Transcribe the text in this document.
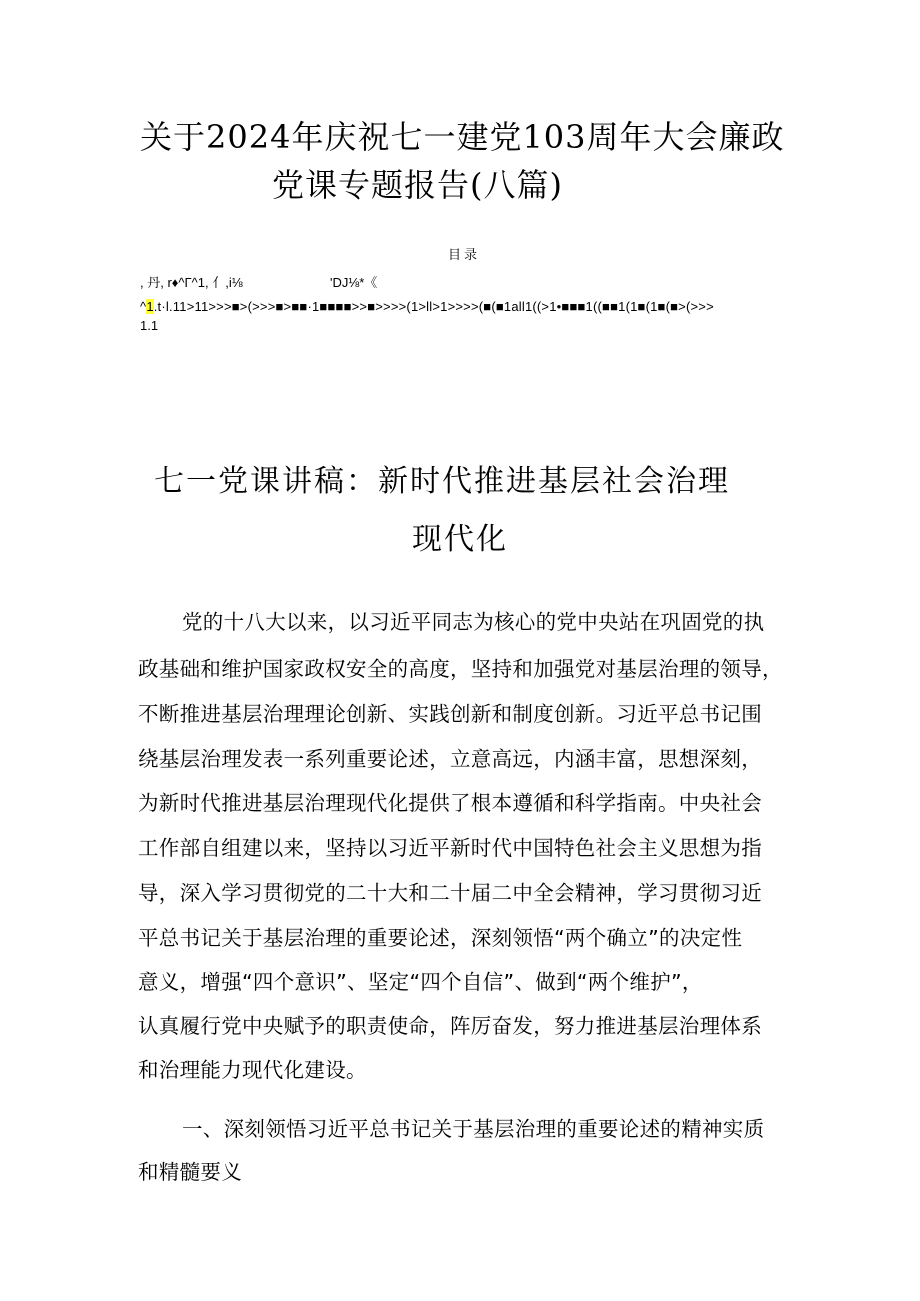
关于2024年庆祝七一建党103周年大会廉政
党课专题报告(八篇)
目录
, 丹, r♦^Γ^1, 亻,i⅛	'DJ⅛*《
^1.t·l.11>11>>>■>(>>>■>■■·1■■■■>>■>>>>(1>ll>1>>>>(■(■1all1((>1•■■■1((■■1(1■(1■(■>(>>>
1.1
七一党课讲稿：新时代推进基层社会治理
现代化
党的十八大以来，以习近平同志为核心的党中央站在巩固党的执
政基础和维护国家政权安全的高度，坚持和加强党对基层治理的领导，
不断推进基层治理理论创新、实践创新和制度创新。习近平总书记围
绕基层治理发表一系列重要论述，立意高远，内涵丰富，思想深刻，
为新时代推进基层治理现代化提供了根本遵循和科学指南。中央社会
工作部自组建以来，坚持以习近平新时代中国特色社会主义思想为指
导，深入学习贯彻党的二十大和二十届二中全会精神，学习贯彻习近
平总书记关于基层治理的重要论述，深刻领悟“两个确立”的决定性
意义，增强“四个意识”、坚定“四个自信”、做到“两个维护”，
认真履行党中央赋予的职责使命，阵厉奋发，努力推进基层治理体系
和治理能力现代化建设。
一、深刻领悟习近平总书记关于基层治理的重要论述的精神实质
和精髓要义
